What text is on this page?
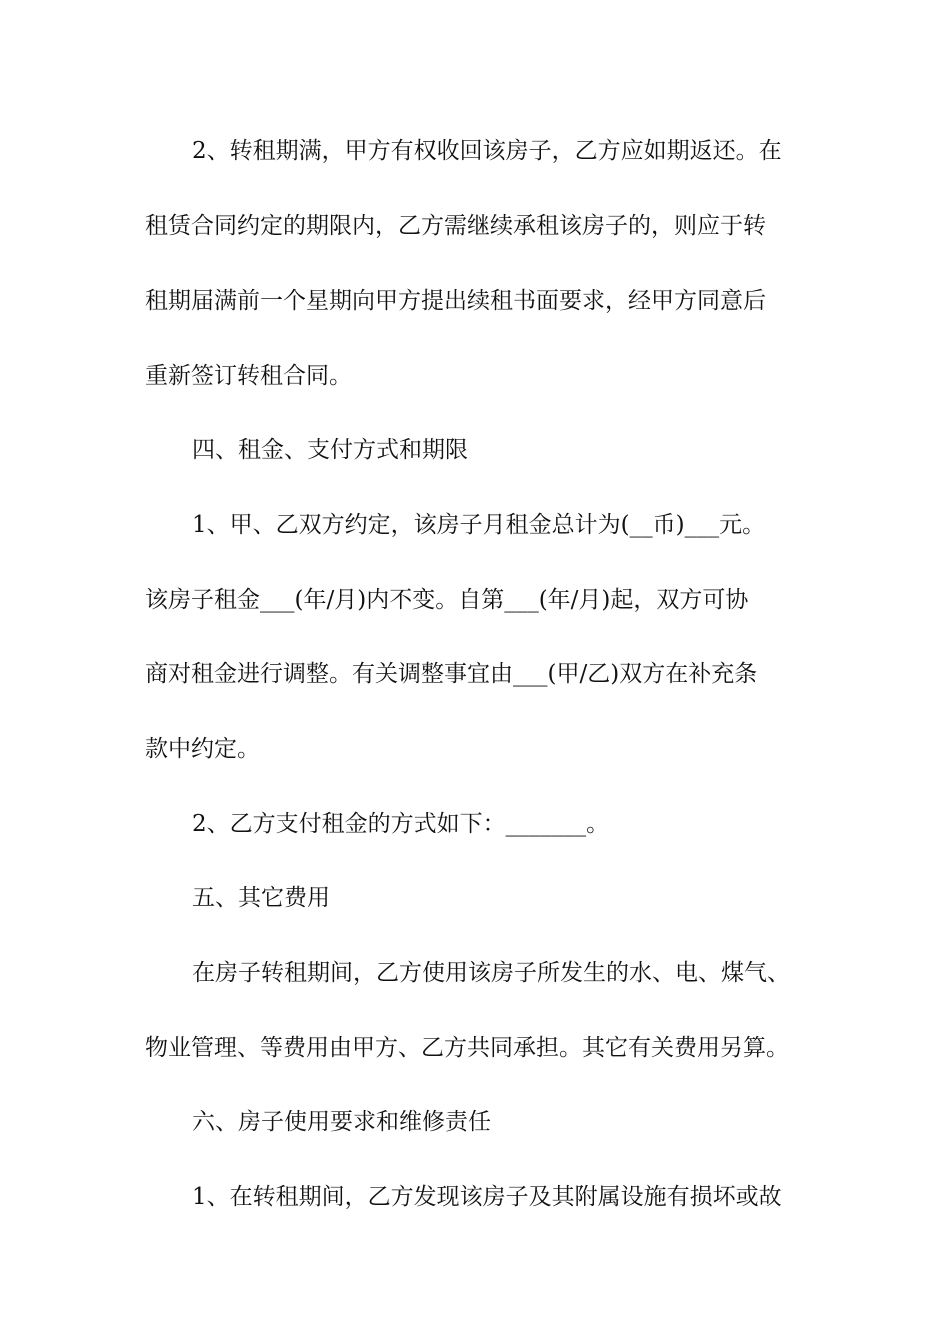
2、转租期满，甲方有权收回该房子，乙方应如期返还。在
租赁合同约定的期限内，乙方需继续承租该房子的，则应于转
租期届满前一个星期向甲方提出续租书面要求，经甲方同意后
重新签订转租合同。
四、租金、支付方式和期限
1、甲、乙双方约定，该房子月租金总计为(__币)___元。
该房子租金___(年/月)内不变。自第___(年/月)起，双方可协
商对租金进行调整。有关调整事宜由___(甲/乙)双方在补充条
款中约定。
2、乙方支付租金的方式如下：_______。
五、其它费用
在房子转租期间，乙方使用该房子所发生的水、电、煤气、
物业管理、等费用由甲方、乙方共同承担。其它有关费用另算。
六、房子使用要求和维修责任
1、在转租期间，乙方发现该房子及其附属设施有损坏或故
